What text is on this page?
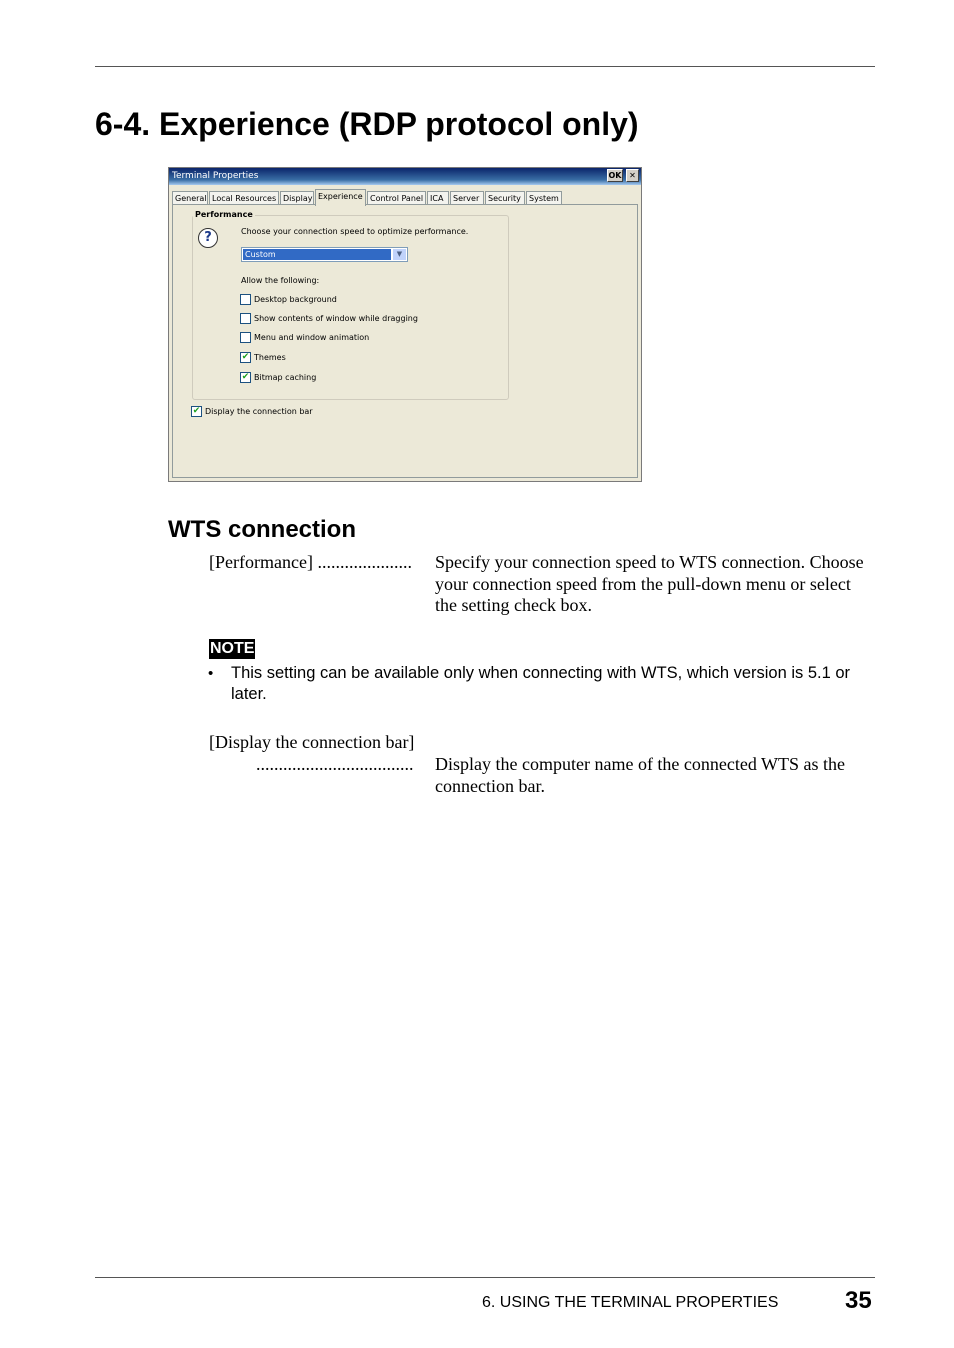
6-4. Experience (RDP protocol only)
Terminal Properties	OK ✕
General Local Resources Display Experience Control Panel ICA	Server	Security	System
Performance
?	Choose your connection speed to optimize performance.
Custom	▼
Allow the following:
Desktop background
Show contents of window while dragging
Menu and window animation
✔ Themes
✔ Bitmap caching
✔ Display the connection bar
WTS connection
[Performance] ..................... Specify your connection speed to WTS connection. Choose your connection speed from the pull-down menu or select the setting check box.
NOTE
• This setting can be available only when connecting with WTS, which version is 5.1 or later.
[Display the connection bar]
................................... Display the computer name of the connected WTS as the connection bar.
6. USING THE TERMINAL PROPERTIES	35
